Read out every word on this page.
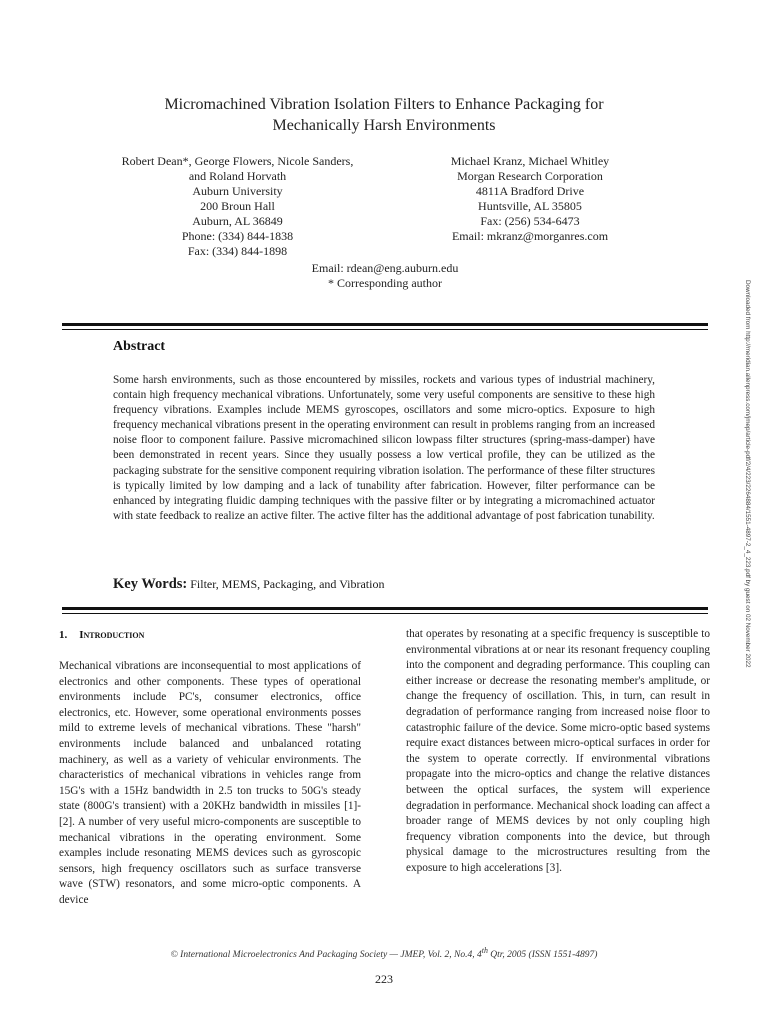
Micromachined Vibration Isolation Filters to Enhance Packaging for
Mechanically Harsh Environments
Robert Dean*, George Flowers, Nicole Sanders,
and Roland Horvath
Auburn University
200 Broun Hall
Auburn, AL 36849
Phone: (334) 844-1838
Fax: (334) 844-1898
Michael Kranz, Michael Whitley
Morgan Research Corporation
4811A Bradford Drive
Huntsville, AL 35805
Fax: (256) 534-6473
Email: mkranz@morganres.com
Email: rdean@eng.auburn.edu
* Corresponding author
Abstract
Some harsh environments, such as those encountered by missiles, rockets and various types of industrial machinery, contain high frequency mechanical vibrations. Unfortunately, some very useful components are sensitive to these high frequency vibrations. Examples include MEMS gyroscopes, oscillators and some micro-optics. Exposure to high frequency mechanical vibrations present in the operating environment can result in problems ranging from an increased noise floor to component failure. Passive micromachined silicon lowpass filter structures (spring-mass-damper) have been demonstrated in recent years. Since they usually possess a low vertical profile, they can be utilized as the packaging substrate for the sensitive component requiring vibration isolation. The performance of these filter structures is typically limited by low damping and a lack of tunability after fabrication. However, filter performance can be enhanced by integrating fluidic damping techniques with the passive filter or by integrating a micromachined actuator with state feedback to realize an active filter. The active filter has the additional advantage of post fabrication tunability.
Key Words: Filter, MEMS, Packaging, and Vibration
1. Introduction
Mechanical vibrations are inconsequential to most applications of electronics and other components. These types of operational environments include PC's, consumer electronics, office electronics, etc. However, some operational environments posses mild to extreme levels of mechanical vibrations. These "harsh" environments include balanced and unbalanced rotating machinery, as well as a variety of vehicular environments. The characteristics of mechanical vibrations in vehicles range from 15G's with a 15Hz bandwidth in 2.5 ton trucks to 50G's steady state (800G's transient) with a 20KHz bandwidth in missiles [1]-[2]. A number of very useful micro-components are susceptible to mechanical vibrations in the operating environment. Some examples include resonating MEMS devices such as gyroscopic sensors, high frequency oscillators such as surface transverse wave (STW) resonators, and some micro-optic components. A device
that operates by resonating at a specific frequency is susceptible to environmental vibrations at or near its resonant frequency coupling into the component and degrading performance. This coupling can either increase or decrease the resonating member's amplitude, or change the frequency of oscillation. This, in turn, can result in degradation of performance ranging from increased noise floor to catastrophic failure of the device. Some micro-optic based systems require exact distances between micro-optical surfaces in order for the system to operate correctly. If environmental vibrations propagate into the micro-optics and change the relative distances between the optical surfaces, the system will experience degradation in performance. Mechanical shock loading can affect a broader range of MEMS devices by not only coupling high frequency vibration components into the device, but through physical damage to the microstructures resulting from the exposure to high accelerations [3].
© International Microelectronics And Packaging Society — JMEP, Vol. 2, No.4, 4th Qtr, 2005 (ISSN 1551-4897)
223
Downloaded from http://meridian.allenpress.com/jmep/article-pdf/2/4/223/2264884/1551-4897-2_4_223.pdf by guest on 02 November 2022
